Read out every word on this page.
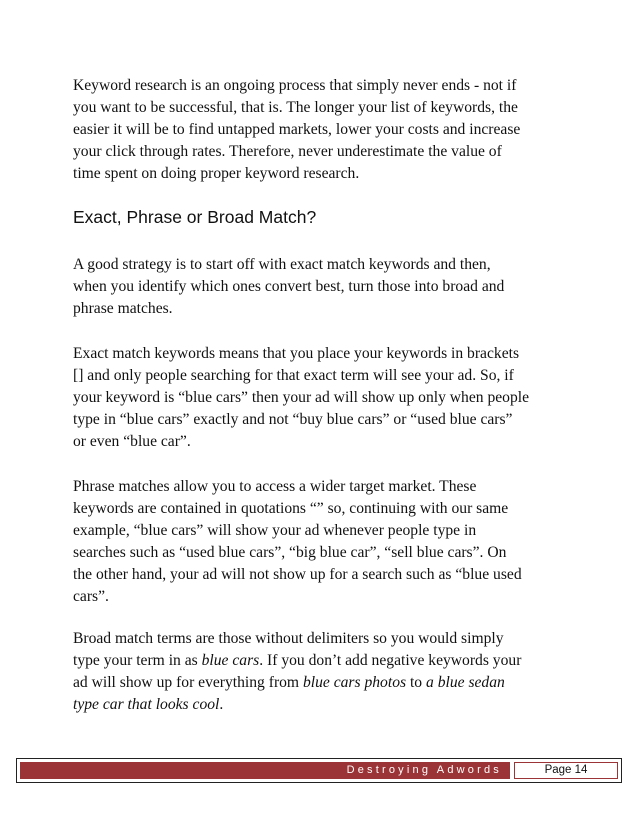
Keyword research is an ongoing process that simply never ends - not if
you want to be successful, that is. The longer your list of keywords, the
easier it will be to find untapped markets, lower your costs and increase
your click through rates. Therefore, never underestimate the value of
time spent on doing proper keyword research.

Exact, Phrase or Broad Match?

A good strategy is to start off with exact match keywords and then,
when you identify which ones convert best, turn those into broad and
phrase matches.

Exact match keywords means that you place your keywords in brackets
[] and only people searching for that exact term will see your ad. So, if
your keyword is “blue cars” then your ad will show up only when people
type in “blue cars” exactly and not “buy blue cars” or “used blue cars”
or even “blue car”.

Phrase matches allow you to access a wider target market. These
keywords are contained in quotations “” so, continuing with our same
example, “blue cars” will show your ad whenever people type in
searches such as “used blue cars”, “big blue car”, “sell blue cars”. On
the other hand, your ad will not show up for a search such as “blue used
cars”.

Broad match terms are those without delimiters so you would simply
type your term in as blue cars. If you don’t add negative keywords your
ad will show up for everything from blue cars photos to a blue sedan
type car that looks cool.

Destroying Adwords	Page 14
